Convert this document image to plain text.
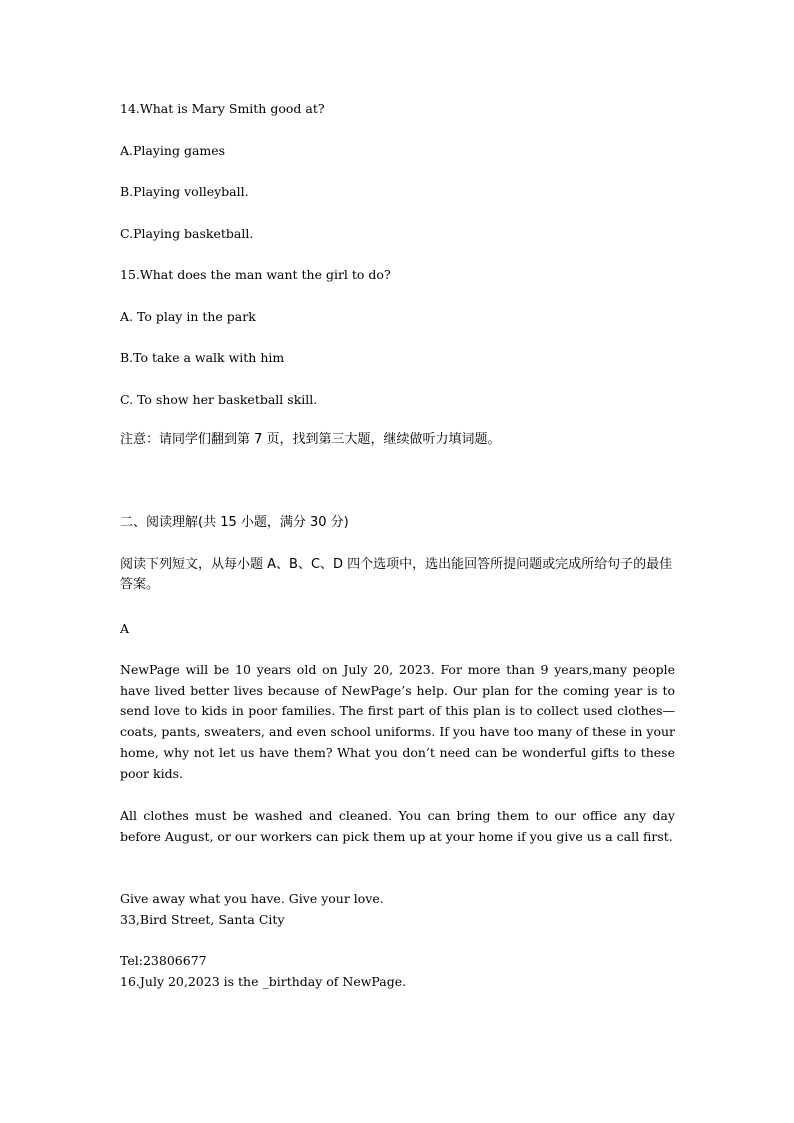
14.What is Mary Smith good at?
A.Playing games
B.Playing volleyball.
C.Playing basketball.
15.What does the man want the girl to do?
A. To play in the park
B.To take a walk with him
C. To show her basketball skill.
注意：请同学们翻到第 7 页，找到第三大题，继续做听力填词题。
二、阅读理解(共 15 小题，满分 30 分)
阅读下列短文，从每小题 A、B、C、D 四个选项中，选出能回答所提问题或完成所给句子的最佳答案。
A
NewPage will be 10 years old on July 20, 2023. For more than 9 years,many people have lived better lives because of NewPage’s help. Our plan for the coming year is to send love to kids in poor families. The first part of this plan is to collect used clothes—coats, pants, sweaters, and even school uniforms. If you have too many of these in your home, why not let us have them? What you don’t need can be wonderful gifts to these poor kids.
All clothes must be washed and cleaned. You can bring them to our office any day before August, or our workers can pick them up at your home if you give us a call first.
Give away what you have. Give your love.
33,Bird Street, Santa City
Tel:23806677
16.July 20,2023 is the _birthday of NewPage.
